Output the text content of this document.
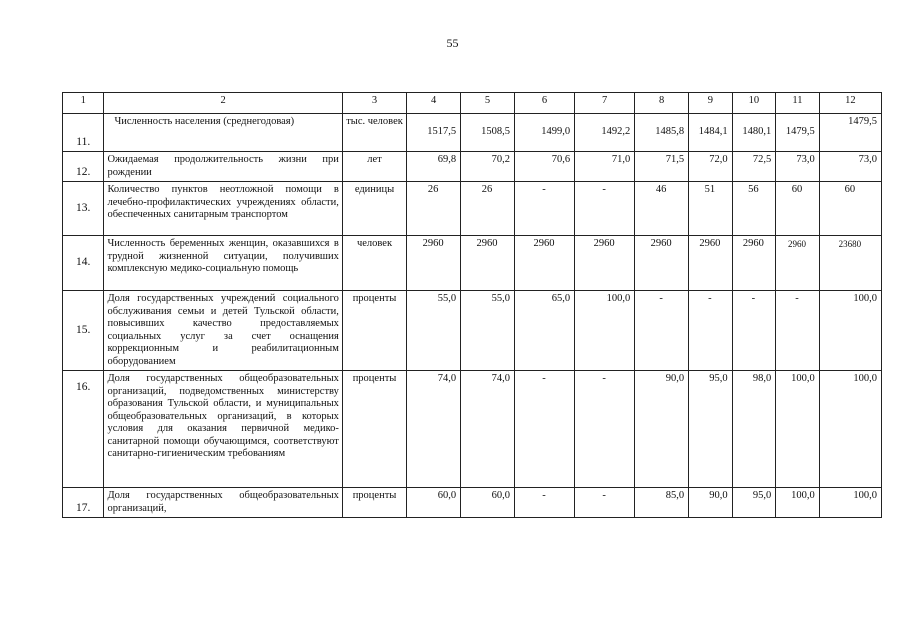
55
1	2	3	4	5	6	7	8	9	10	11	12
11.	Численность населения (среднегодовая)	тыс. человек	1517,5	1508,5	1499,0	1492,2	1485,8	1484,1	1480,1	1479,5	1479,5
12.	Ожидаемая продолжительность жизни при рождении	лет	69,8	70,2	70,6	71,0	71,5	72,0	72,5	73,0	73,0
13.	Количество пунктов неотложной помощи в лечебно-профилактических учреждениях области, обеспеченных санитарным транспортом	единицы	26	26	-	-	46	51	56	60	60
14.	Численность беременных женщин, оказавшихся в трудной жизненной ситуации, получивших комплексную медико-социальную помощь	человек	2960	2960	2960	2960	2960	2960	2960	2960	23680
15.	Доля государственных учреждений социального обслуживания семьи и детей Тульской области, повысивших качество предоставляемых социальных услуг за счет оснащения коррекционным и реабилитационным оборудованием	проценты	55,0	55,0	65,0	100,0	-	-	-	-	100,0
16.	Доля государственных общеобразовательных организаций, подведомственных министерству образования Тульской области, и муниципальных общеобразовательных организаций, в которых условия для оказания первичной медико-санитарной помощи обучающимся, соответствуют санитарно-гигиеническим требованиям	проценты	74,0	74,0	-	-	90,0	95,0	98,0	100,0	100,0
17.	Доля государственных общеобразовательных организаций,	проценты	60,0	60,0	-	-	85,0	90,0	95,0	100,0	100,0
